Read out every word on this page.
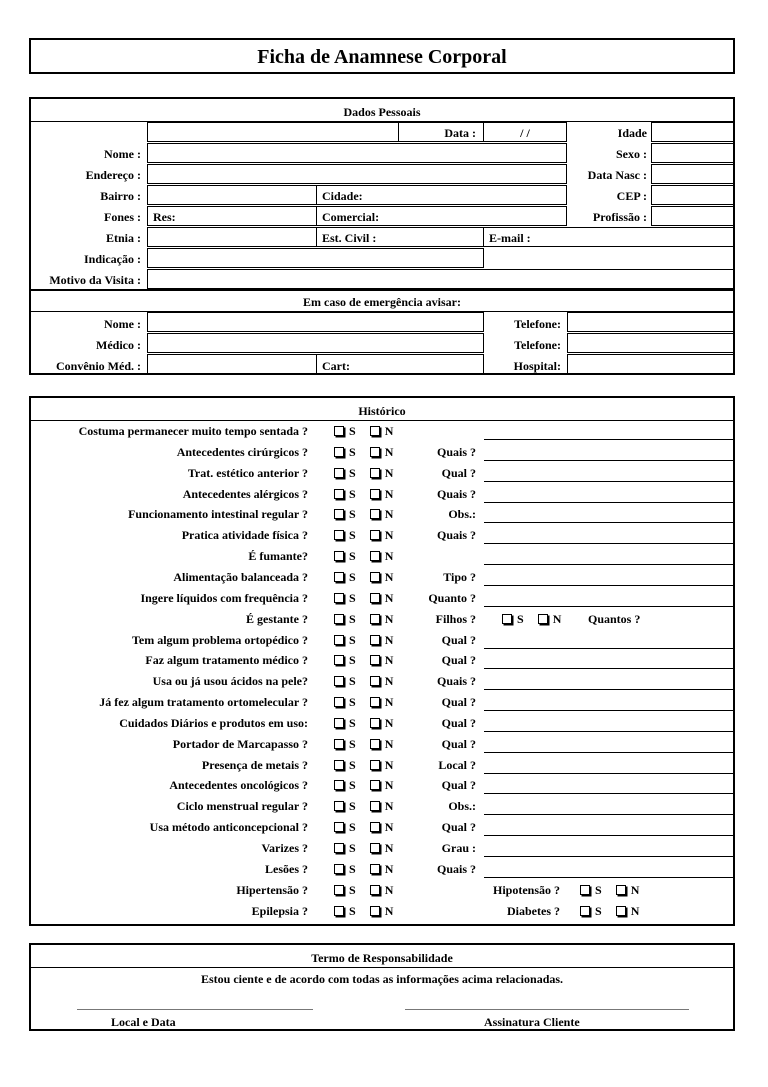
Ficha de Anamnese Corporal
Dados Pessoais
Data :	/ /	Idade
Nome :	Sexo :
Endereço :	Data Nasc :
Bairro :	Cidade:	CEP :
Fones : Res:	Comercial:	Profissão :
Etnia :	Est. Civil :	E-mail :
Indicação :
Motivo da Visita :
Em caso de emergência avisar:
Nome :	Telefone:
Médico :	Telefone:
Convênio Méd. :	Cart:	Hospital:
Histórico
Costuma permanecer muito tempo sentada ?	S N
Antecedentes cirúrgicos ?	S N	Quais ?
Trat. estético anterior ?	S N	Qual ?
Antecedentes alérgicos ?	S N	Quais ?
Funcionamento intestinal regular ?	S N	Obs.:
Pratica atividade física ?	S N	Quais ?
É fumante?	S N
Alimentação balanceada ?	S N	Tipo ?
Ingere líquidos com frequência ?	S N	Quanto ?
É gestante ?	S N	Filhos ?	S N	Quantos ?
Tem algum problema ortopédico ?	S N	Qual ?
Faz algum tratamento médico ?	S N	Qual ?
Usa ou já usou ácidos na pele?	S N	Quais ?
Já fez algum tratamento ortomelecular ?	S N	Qual ?
Cuidados Diários e produtos em uso:	S N	Qual ?
Portador de Marcapasso ?	S N	Qual ?
Presença de metais ?	S N	Local ?
Antecedentes oncológicos ?	S N	Qual ?
Ciclo menstrual regular ?	S N	Obs.:
Usa método anticoncepcional ?	S N	Qual ?
Varizes ?	S N	Grau :
Lesões ?	S N	Quais ?
Hipertensão ?	S N	Hipotensão ?	S N
Epilepsia ?	S N	Diabetes ?	S N
Termo de Responsabilidade
Estou ciente e de acordo com todas as informações acima relacionadas.
Local e Data	Assinatura Cliente
